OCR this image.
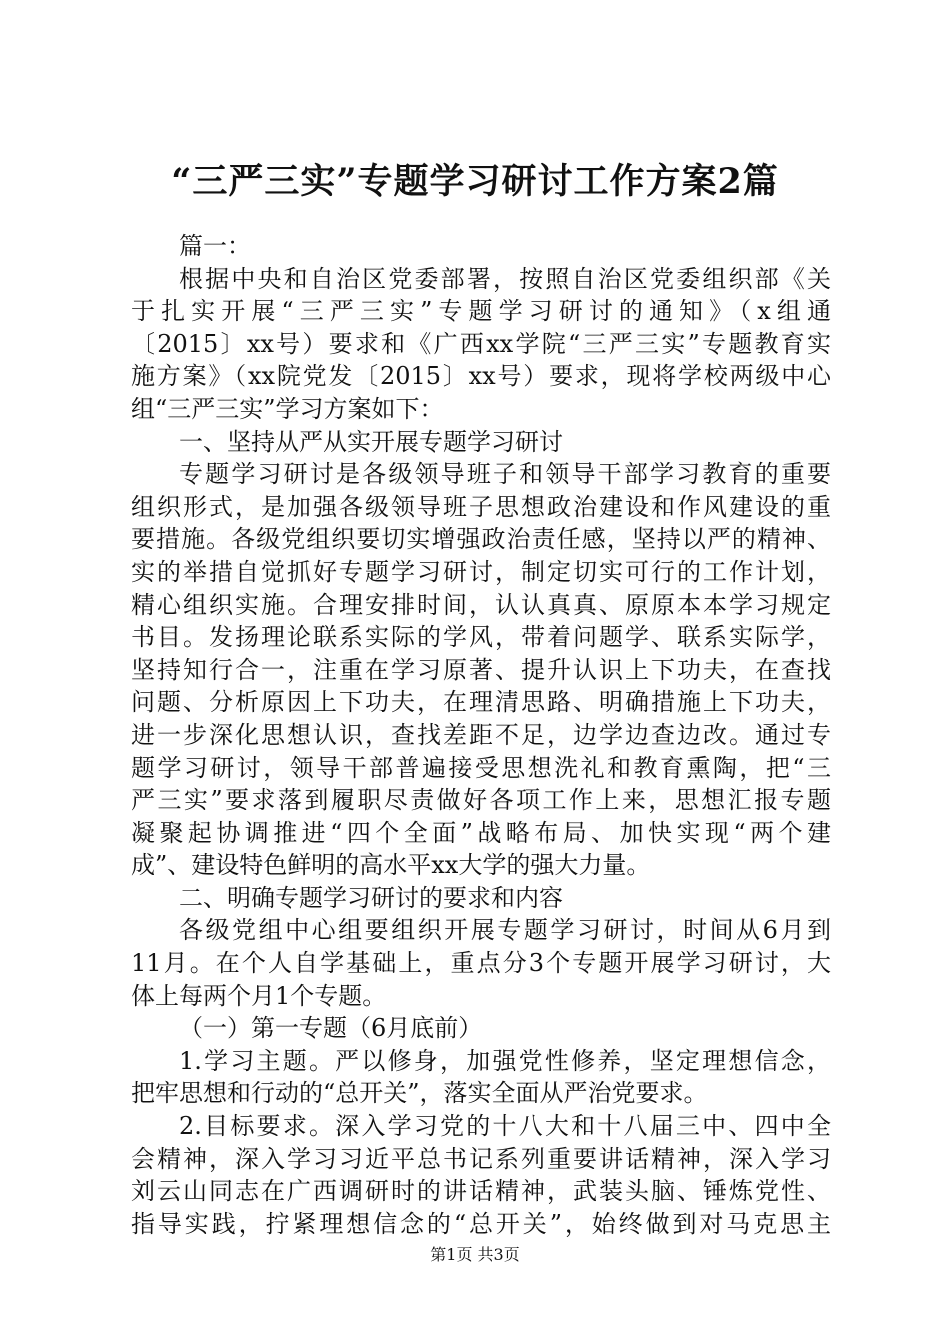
“三严三实”专题学习研讨工作方案2篇
篇一：
根据中央和自治区党委部署，按照自治区党委组织部《关
于扎实开展“三严三实”专题学习研讨的通知》（x组通
〔2015〕xx号）要求和《广西xx学院“三严三实”专题教育实
施方案》（xx院党发〔2015〕xx号）要求，现将学校两级中心
组“三严三实”学习方案如下：
一、坚持从严从实开展专题学习研讨
专题学习研讨是各级领导班子和领导干部学习教育的重要
组织形式，是加强各级领导班子思想政治建设和作风建设的重
要措施。各级党组织要切实增强政治责任感，坚持以严的精神、
实的举措自觉抓好专题学习研讨，制定切实可行的工作计划，
精心组织实施。合理安排时间，认认真真、原原本本学习规定
书目。发扬理论联系实际的学风，带着问题学、联系实际学，
坚持知行合一，注重在学习原著、提升认识上下功夫，在查找
问题、分析原因上下功夫，在理清思路、明确措施上下功夫，
进一步深化思想认识，查找差距不足，边学边查边改。通过专
题学习研讨，领导干部普遍接受思想洗礼和教育熏陶，把“三
严三实”要求落到履职尽责做好各项工作上来，思想汇报专题
凝聚起协调推进“四个全面”战略布局、加快实现“两个建
成”、建设特色鲜明的高水平xx大学的强大力量。
二、明确专题学习研讨的要求和内容
各级党组中心组要组织开展专题学习研讨，时间从6月到
11月。在个人自学基础上，重点分3个专题开展学习研讨，大
体上每两个月1个专题。
（一）第一专题（6月底前）
1.学习主题。严以修身，加强党性修养，坚定理想信念，
把牢思想和行动的“总开关”，落实全面从严治党要求。
2.目标要求。深入学习党的十八大和十八届三中、四中全
会精神，深入学习习近平总书记系列重要讲话精神，深入学习
刘云山同志在广西调研时的讲话精神，武装头脑、锤炼党性、
指导实践，拧紧理想信念的“总开关”，始终做到对马克思主
第1页 共3页
